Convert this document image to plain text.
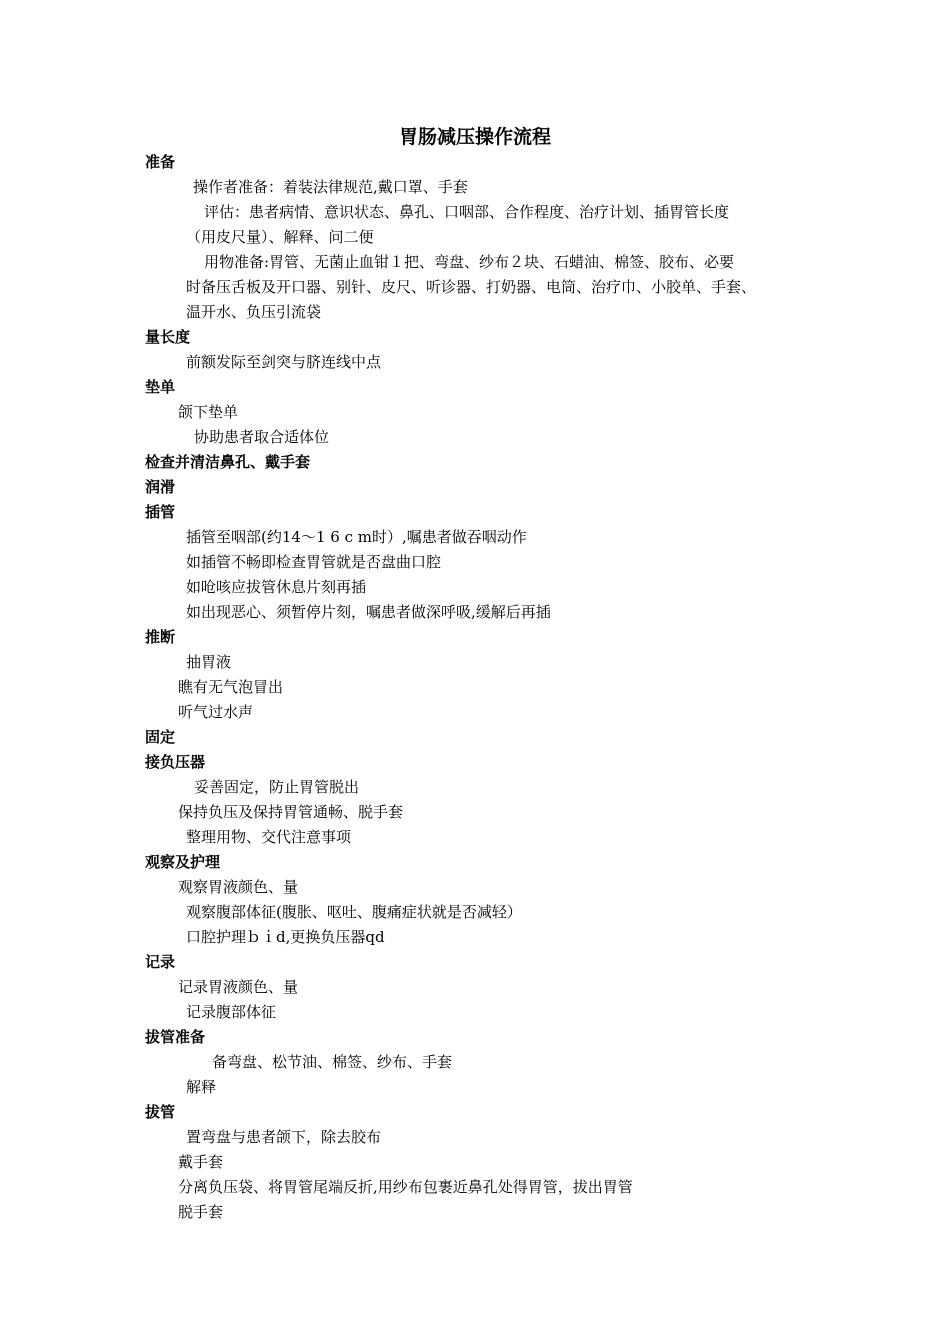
胃肠减压操作流程
准备
操作者准备：着装法律规范,戴口罩、手套
评估：患者病情、意识状态、鼻孔、口咽部、合作程度、治疗计划、插胃管长度
（用皮尺量）、解释、问二便
用物准备:胃管、无菌止血钳１把、弯盘、纱布２块、石蜡油、棉签、胶布、必要
时备压舌板及开口器、别针、皮尺、听诊器、打奶器、电筒、治疗巾、小胶单、手套、
温开水、负压引流袋
量长度
前额发际至剑突与脐连线中点
垫单
颌下垫单
协助患者取合适体位
检查并清洁鼻孔、戴手套
润滑
插管
插管至咽部(约14～1 6 c m时）,嘱患者做吞咽动作
如插管不畅即检查胃管就是否盘曲口腔
如呛咳应拔管休息片刻再插
如出现恶心、须暂停片刻，嘱患者做深呼吸,缓解后再插
推断
抽胃液
瞧有无气泡冒出
听气过水声
固定
接负压器
妥善固定，防止胃管脱出
保持负压及保持胃管通畅、脱手套
整理用物、交代注意事项
观察及护理
观察胃液颜色、量
观察腹部体征(腹胀、呕吐、腹痛症状就是否减轻）
口腔护理ｂｉd,更换负压器qd
记录
记录胃液颜色、量
记录腹部体征
拔管准备
备弯盘、松节油、棉签、纱布、手套
解释
拔管
置弯盘与患者颌下，除去胶布
戴手套
分离负压袋、将胃管尾端反折,用纱布包裹近鼻孔处得胃管，拔出胃管
脱手套
